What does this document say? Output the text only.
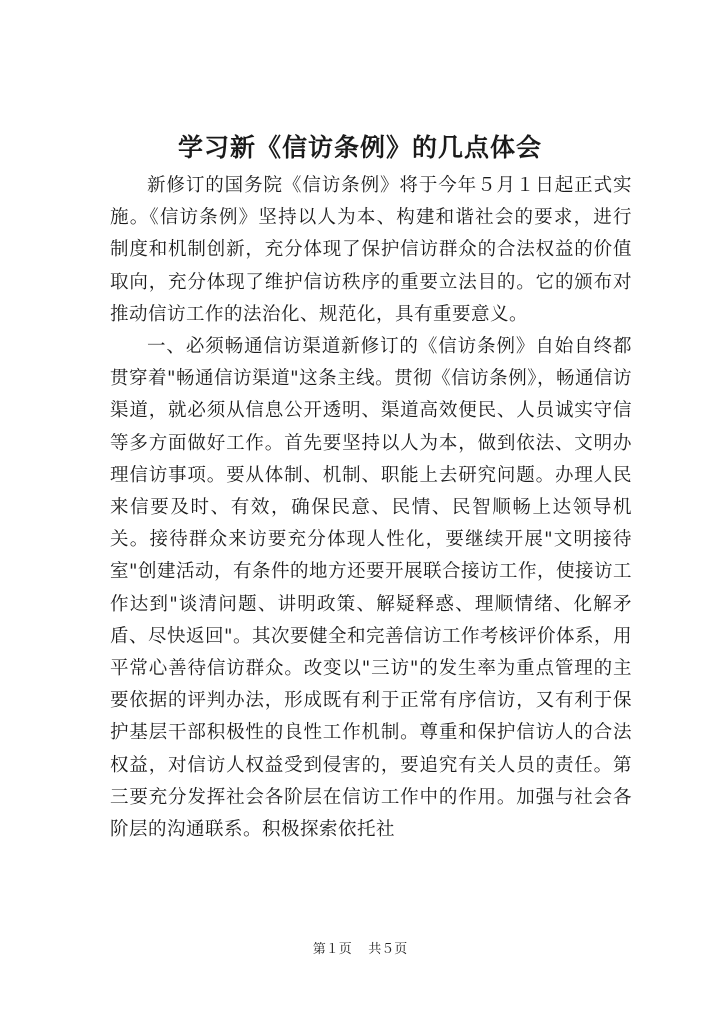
学习新《信访条例》的几点体会

新修订的国务院《信访条例》将于今年５月１日起正式实施。《信访条例》坚持以人为本、构建和谐社会的要求，进行制度和机制创新，充分体现了保护信访群众的合法权益的价值取向，充分体现了维护信访秩序的重要立法目的。它的颁布对推动信访工作的法治化、规范化，具有重要意义。

一、必须畅通信访渠道新修订的《信访条例》自始自终都贯穿着"畅通信访渠道"这条主线。贯彻《信访条例》，畅通信访渠道，就必须从信息公开透明、渠道高效便民、人员诚实守信等多方面做好工作。首先要坚持以人为本，做到依法、文明办理信访事项。要从体制、机制、职能上去研究问题。办理人民来信要及时、有效，确保民意、民情、民智顺畅上达领导机关。接待群众来访要充分体现人性化，要继续开展"文明接待室"创建活动，有条件的地方还要开展联合接访工作，使接访工作达到"谈清问题、讲明政策、解疑释惑、理顺情绪、化解矛盾、尽快返回"。其次要健全和完善信访工作考核评价体系，用平常心善待信访群众。改变以"三访"的发生率为重点管理的主要依据的评判办法，形成既有利于正常有序信访，又有利于保护基层干部积极性的良性工作机制。尊重和保护信访人的合法权益，对信访人权益受到侵害的，要追究有关人员的责任。第三要充分发挥社会各阶层在信访工作中的作用。加强与社会各阶层的沟通联系。积极探索依托社

第１页 共５页
